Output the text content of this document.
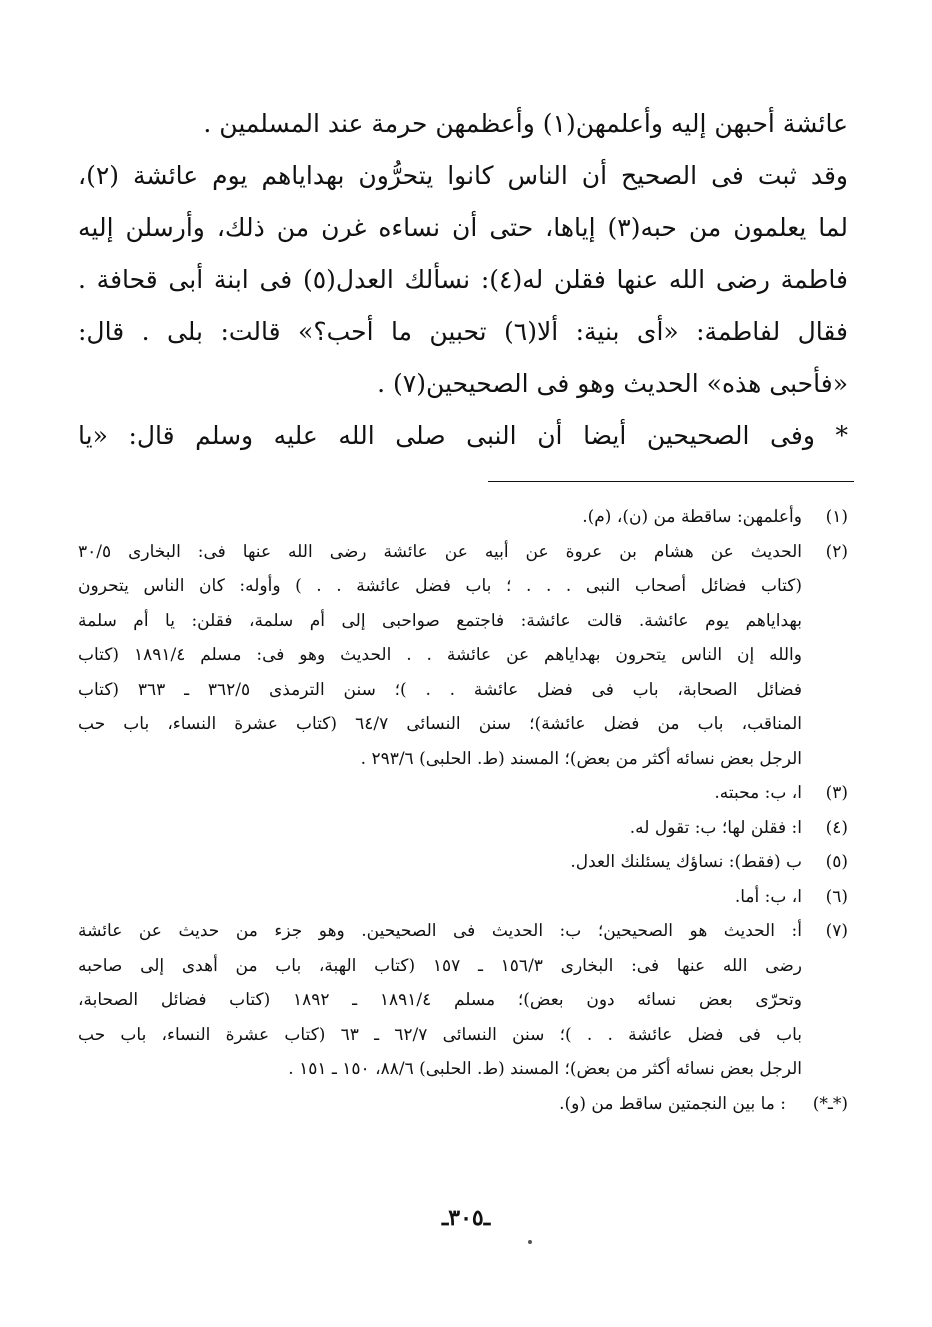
عائشة أحبهن إليه وأعلمهن(١) وأعظمهن حرمة عند المسلمين .
وقد ثبت فى الصحيح أن الناس كانوا يتحرُّون بهداياهم يوم عائشة (٢)،
لما يعلمون من حبه(٣) إياها، حتى أن نساءه غرن من ذلك، وأرسلن إليه
فاطمة رضى الله عنها فقلن له(٤): نسألك العدل(٥) فى ابنة أبى قحافة .
فقال لفاطمة: «أى بنية: ألا(٦) تحبين ما أحب؟» قالت: بلى . قال:
«فأحبى هذه» الحديث وهو فى الصحيحين(٧) .
* وفى الصحيحين أيضا أن النبى صلى الله عليه وسلم قال: «يا
(١)
وأعلمهن: ساقطة من (ن)، (م).
(٢)
الحديث عن هشام بن عروة عن أبيه عن عائشة رضى الله عنها فى: البخارى ٣٠/٥
(كتاب فضائل أصحاب النبى . . . ؛ باب فضل عائشة . . ) وأوله: كان الناس يتحرون
بهداياهم يوم عائشة. قالت عائشة: فاجتمع صواحبى إلى أم سلمة، فقلن: يا أم سلمة
والله إن الناس يتحرون بهداياهم عن عائشة . . الحديث وهو فى: مسلم ١٨٩١/٤ (كتاب
فضائل الصحابة، باب فى فضل عائشة . . )؛ سنن الترمذى ٣٦٢/٥ ـ ٣٦٣ (كتاب
المناقب، باب من فضل عائشة)؛ سنن النسائى ٦٤/٧ (كتاب عشرة النساء، باب حب
الرجل بعض نسائه أكثر من بعض)؛ المسند (ط. الحلبى) ٢٩٣/٦ .
(٣)
ا، ب: محبته.
(٤)
ا: فقلن لها؛ ب: تقول له.
(٥)
ب (فقط): نساؤك يسئلنك العدل.
(٦)
ا، ب: أما.
(٧)
أ: الحديث هو الصحيحين؛ ب: الحديث فى الصحيحين. وهو جزء من حديث عن عائشة
رضى الله عنها فى: البخارى ١٥٦/٣ ـ ١٥٧ (كتاب الهبة، باب من أهدى إلى صاحبه
وتحرّى بعض نسائه دون بعض)؛ مسلم ١٨٩١/٤ ـ ١٨٩٢ (كتاب فضائل الصحابة،
باب فى فضل عائشة . . )؛ سنن النسائى ٦٢/٧ ـ ٦٣ (كتاب عشرة النساء، باب حب
الرجل بعض نسائه أكثر من بعض)؛ المسند (ط. الحلبى) ٨٨/٦، ١٥٠ ـ ١٥١ .
(*ـ*)
: ما بين النجمتين ساقط من (و).
ـ٣٠٥ـ
